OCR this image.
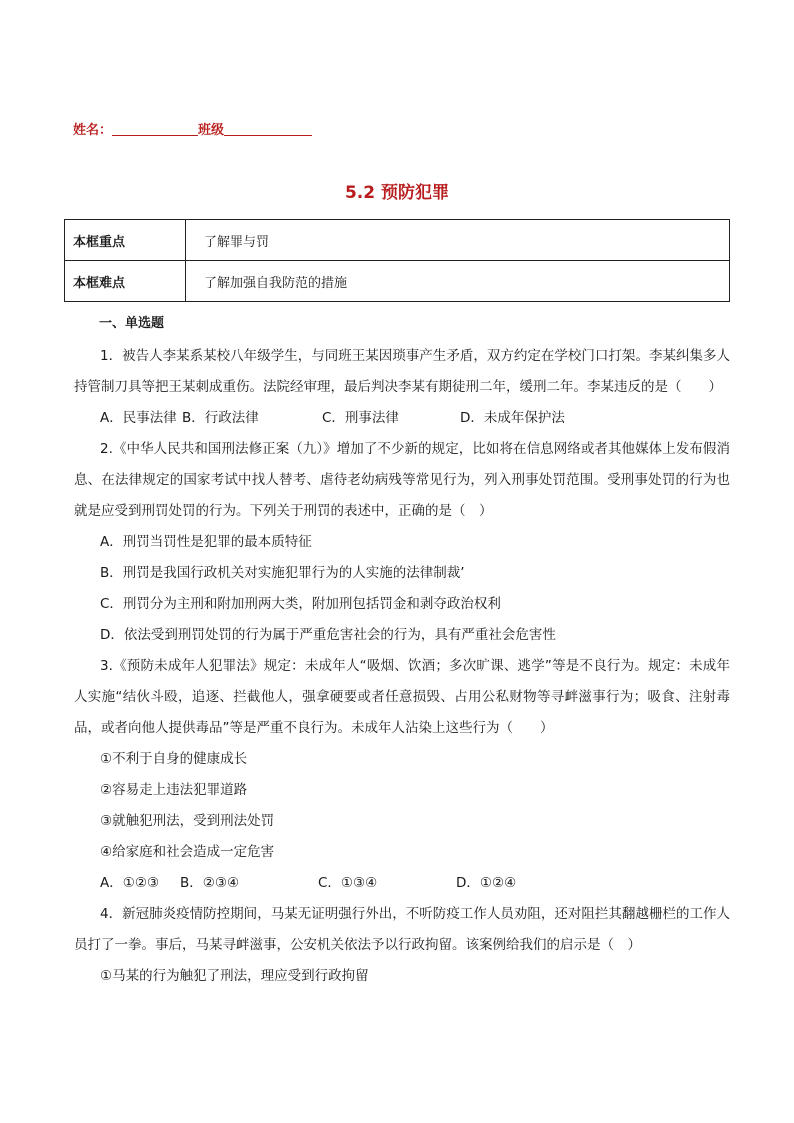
姓名：	班级
5.2 预防犯罪
本框重点	了解罪与罚
本框难点	了解加强自我防范的措施
一、单选题

1．被告人李某系某校八年级学生，与同班王某因琐事产生矛盾，双方约定在学校门口打架。李某纠集多人持管制刀具等把王某刺成重伤。法院经审理，最后判决李某有期徒刑二年，缓刑二年。李某违反的是（　　）

A．民事法律 B．行政法律	C．刑事法律	D．未成年保护法

2.《中华人民共和国刑法修正案（九）》增加了不少新的规定，比如将在信息网络或者其他媒体上发布假消息、在法律规定的国家考试中找人替考、虐待老幼病残等常见行为，列入刑事处罚范围。受刑事处罚的行为也就是应受到刑罚处罚的行为。下列关于刑罚的表述中，正确的是（　）

A．刑罚当罚性是犯罪的最本质特征

B．刑罚是我国行政机关对实施犯罪行为的人实施的法律制裁’

C．刑罚分为主刑和附加刑两大类，附加刑包括罚金和剥夺政治权利

D．依法受到刑罚处罚的行为属于严重危害社会的行为，具有严重社会危害性

3.《预防未成年人犯罪法》规定：未成年人“吸烟、饮酒；多次旷课、逃学”等是不良行为。规定：未成年人实施“结伙斗殴，追逐、拦截他人，强拿硬要或者任意损毁、占用公私财物等寻衅滋事行为；吸食、注射毒品，或者向他人提供毒品”等是严重不良行为。未成年人沾染上这些行为（　　）

①不利于自身的健康成长

②容易走上违法犯罪道路

③就触犯刑法，受到刑法处罚

④给家庭和社会造成一定危害

A．①②③	B．②③④	C．①③④	D．①②④

4．新冠肺炎疫情防控期间，马某无证明强行外出，不听防疫工作人员劝阻，还对阻拦其翻越栅栏的工作人员打了一拳。事后，马某寻衅滋事，公安机关依法予以行政拘留。该案例给我们的启示是（　）

①马某的行为触犯了刑法，理应受到行政拘留
